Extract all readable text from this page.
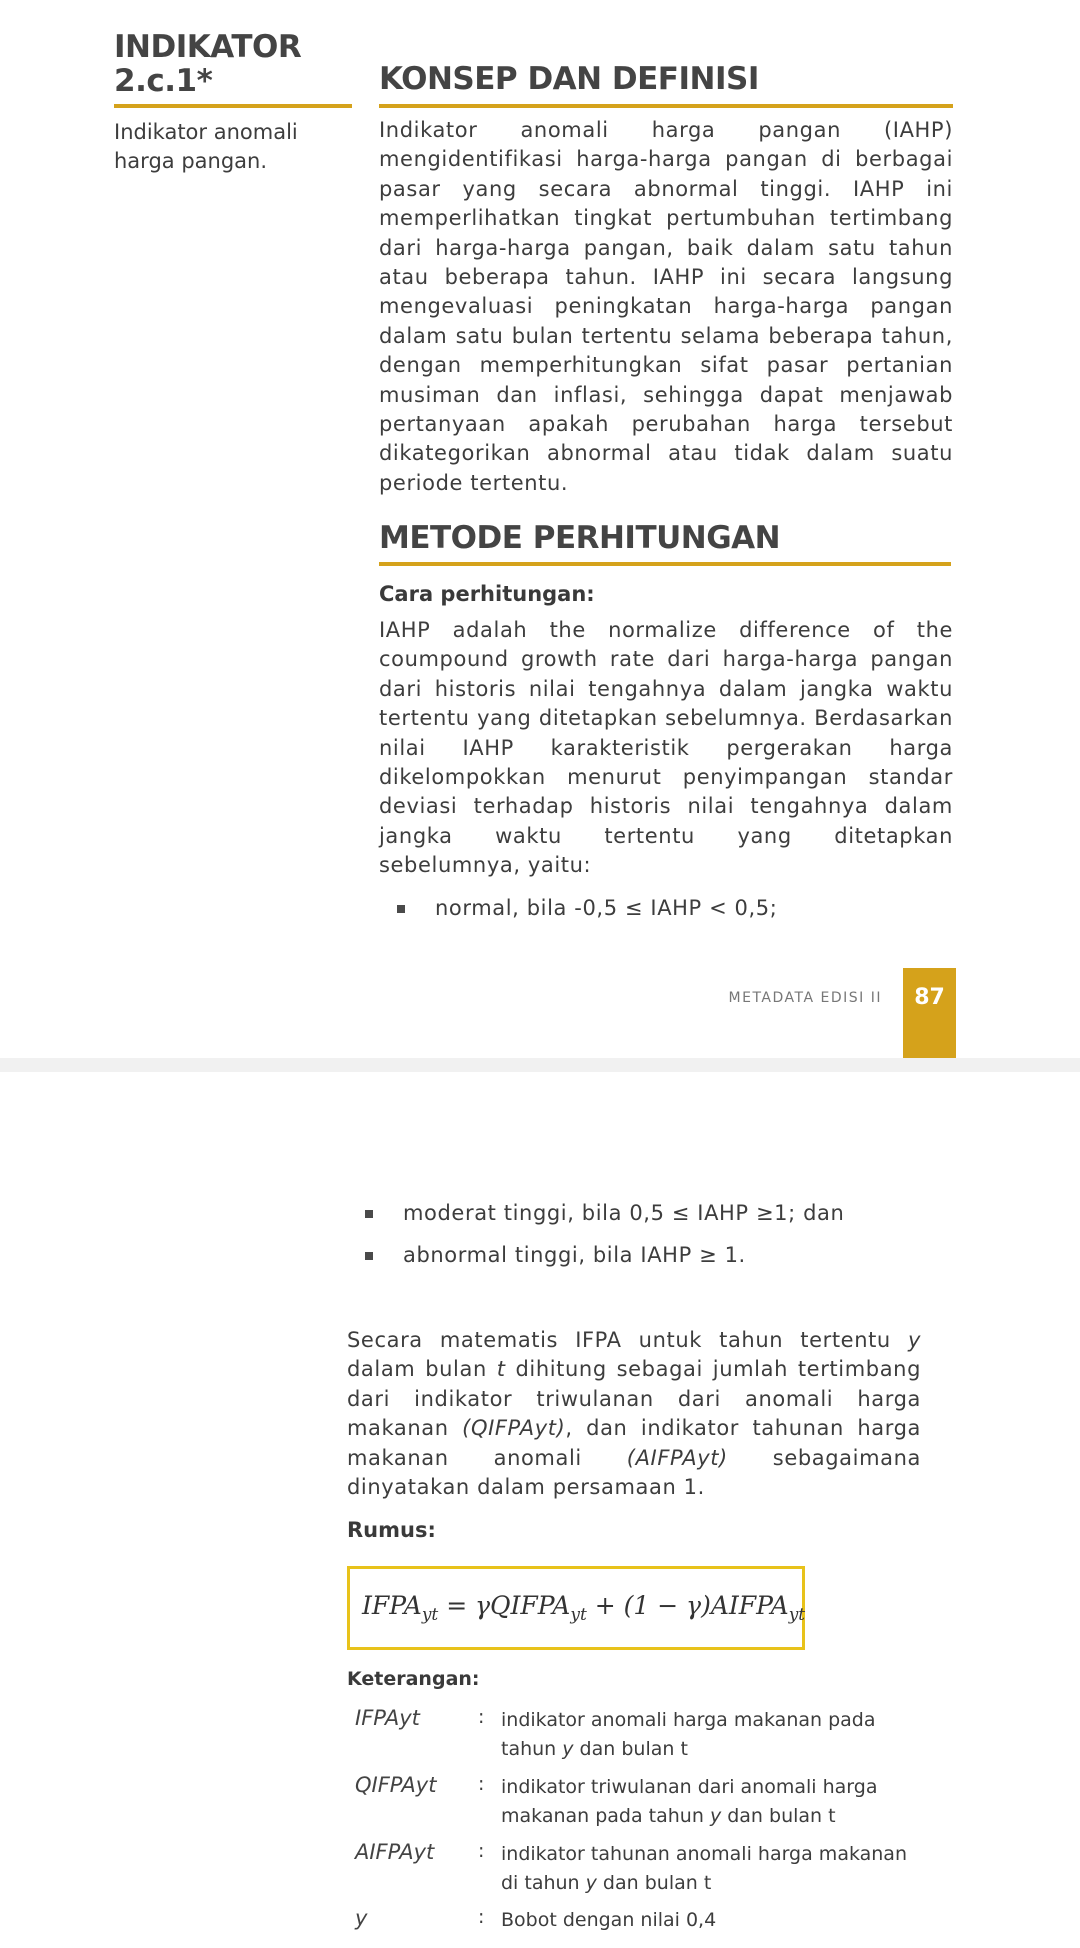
INDIKATOR
2.c.1*
Indikator anomali harga pangan.
KONSEP DAN DEFINISI
Indikator anomali harga pangan (IAHP) mengidentifikasi harga-harga pangan di berbagai pasar yang secara abnormal tinggi. IAHP ini memperlihatkan tingkat pertumbuhan tertimbang dari harga-harga pangan, baik dalam satu tahun atau beberapa tahun. IAHP ini secara langsung mengevaluasi peningkatan harga-harga pangan dalam satu bulan tertentu selama beberapa tahun, dengan memperhitungkan sifat pasar pertanian musiman dan inflasi, sehingga dapat menjawab pertanyaan apakah perubahan harga tersebut dikategorikan abnormal atau tidak dalam suatu periode tertentu.
METODE PERHITUNGAN
Cara perhitungan:
IAHP adalah the normalize difference of the coumpound growth rate dari harga-harga pangan dari historis nilai tengahnya dalam jangka waktu tertentu yang ditetapkan sebelumnya. Berdasarkan nilai IAHP karakteristik pergerakan harga dikelompokkan menurut penyimpangan standar deviasi terhadap historis nilai tengahnya dalam jangka waktu tertentu yang ditetapkan sebelumnya, yaitu:
normal, bila -0,5 ≤ IAHP < 0,5;
METADATA EDISI II	87
moderat tinggi, bila 0,5 ≤ IAHP ≥1; dan
abnormal tinggi, bila IAHP ≥ 1.
Secara matematis IFPA untuk tahun tertentu y dalam bulan t dihitung sebagai jumlah tertimbang dari indikator triwulanan dari anomali harga makanan (QIFPAyt), dan indikator tahunan harga makanan anomali (AIFPAyt) sebagaimana dinyatakan dalam persamaan 1.
Rumus:
$IFPA_{yt}$ = γQIFPA$_{yt}$ + $(1 - \gamma)AIFPA_{yt}$
Keterangan:
IFPAyt	: indikator anomali harga makanan pada tahun y dan bulan t
QIFPAyt : indikator triwulanan dari anomali harga makanan pada tahun y dan bulan t
AIFPAyt : indikator tahunan anomali harga makanan di tahun y dan bulan t
y	: Bobot dengan nilai 0,4
